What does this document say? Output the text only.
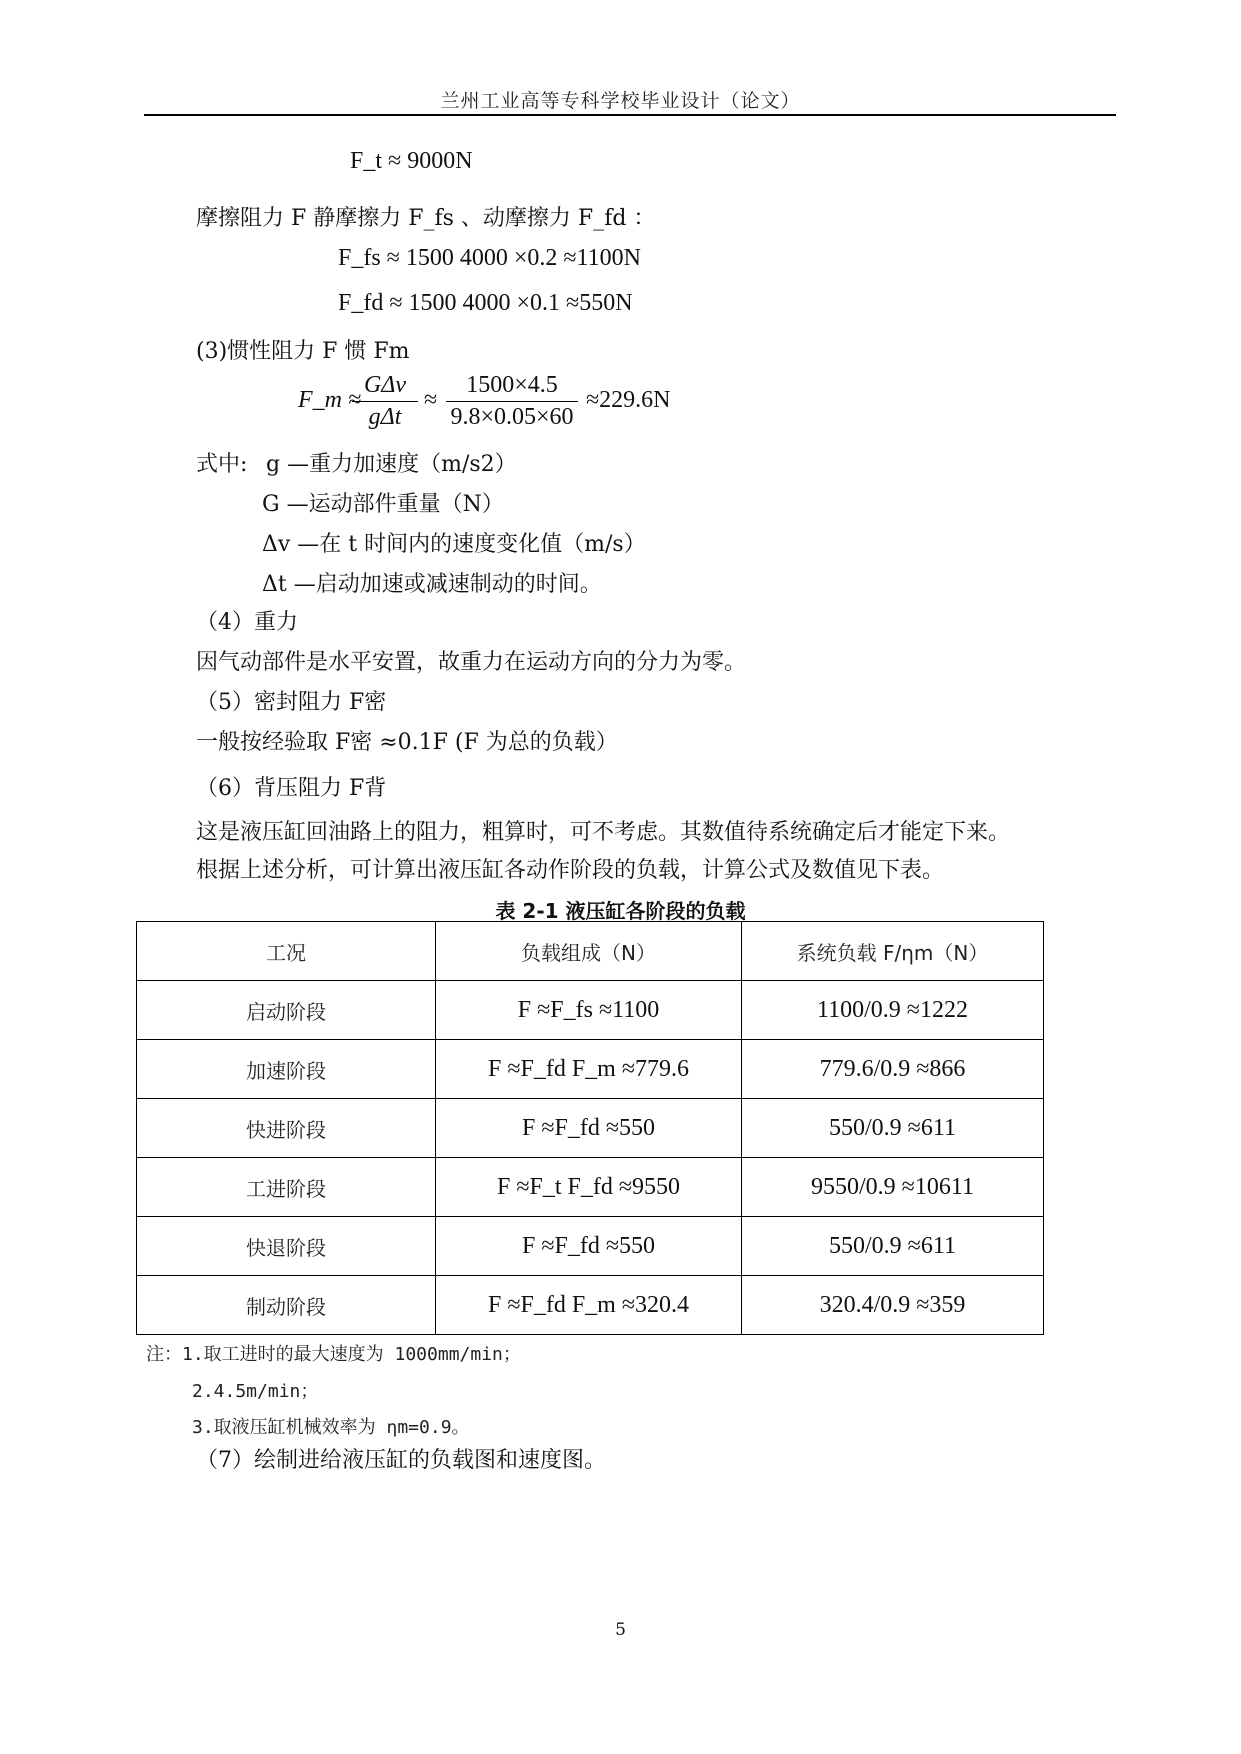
兰州工业高等专科学校毕业设计（论文）
F_t ≈ 9000N
摩擦阻力 F 静摩擦力 F_fs 、动摩擦力 F_fd ：
F_fs ≈ 1500 4000 ×0.2 ≈1100N
F_fd ≈ 1500 4000 ×0.1 ≈550N
(3)惯性阻力 F 惯 Fm
F_m ≈
GΔv
gΔt
≈
1500×4.5
9.8×0.05×60
≈229.6N
式中: g —重力加速度（m/s2）
G —运动部件重量（N）
Δv —在 t 时间内的速度变化值（m/s）
Δt —启动加速或减速制动的时间。
（4）重力
因气动部件是水平安置，故重力在运动方向的分力为零。
（5）密封阻力 F密
一般按经验取 F密 ≈0.1F (F 为总的负载）
（6）背压阻力 F背
这是液压缸回油路上的阻力，粗算时，可不考虑。其数值待系统确定后才能定下来。
根据上述分析，可计算出液压缸各动作阶段的负载，计算公式及数值见下表。
表 2-1 液压缸各阶段的负载
工况	负载组成（N）	系统负载 F/ηm（N）
启动阶段	F ≈F_fs ≈1100	1100/0.9 ≈1222
加速阶段	F ≈F_fd F_m ≈779.6	779.6/0.9 ≈866
快进阶段	F ≈F_fd ≈550	550/0.9 ≈611
工进阶段	F ≈F_t F_fd ≈9550	9550/0.9 ≈10611
快退阶段	F ≈F_fd ≈550	550/0.9 ≈611
制动阶段	F ≈F_fd F_m ≈320.4	320.4/0.9 ≈359
注：1.取工进时的最大速度为 1000mm/min；
2.4.5m/min；
3.取液压缸机械效率为 ηm=0.9。
（7）绘制进给液压缸的负载图和速度图。
5
